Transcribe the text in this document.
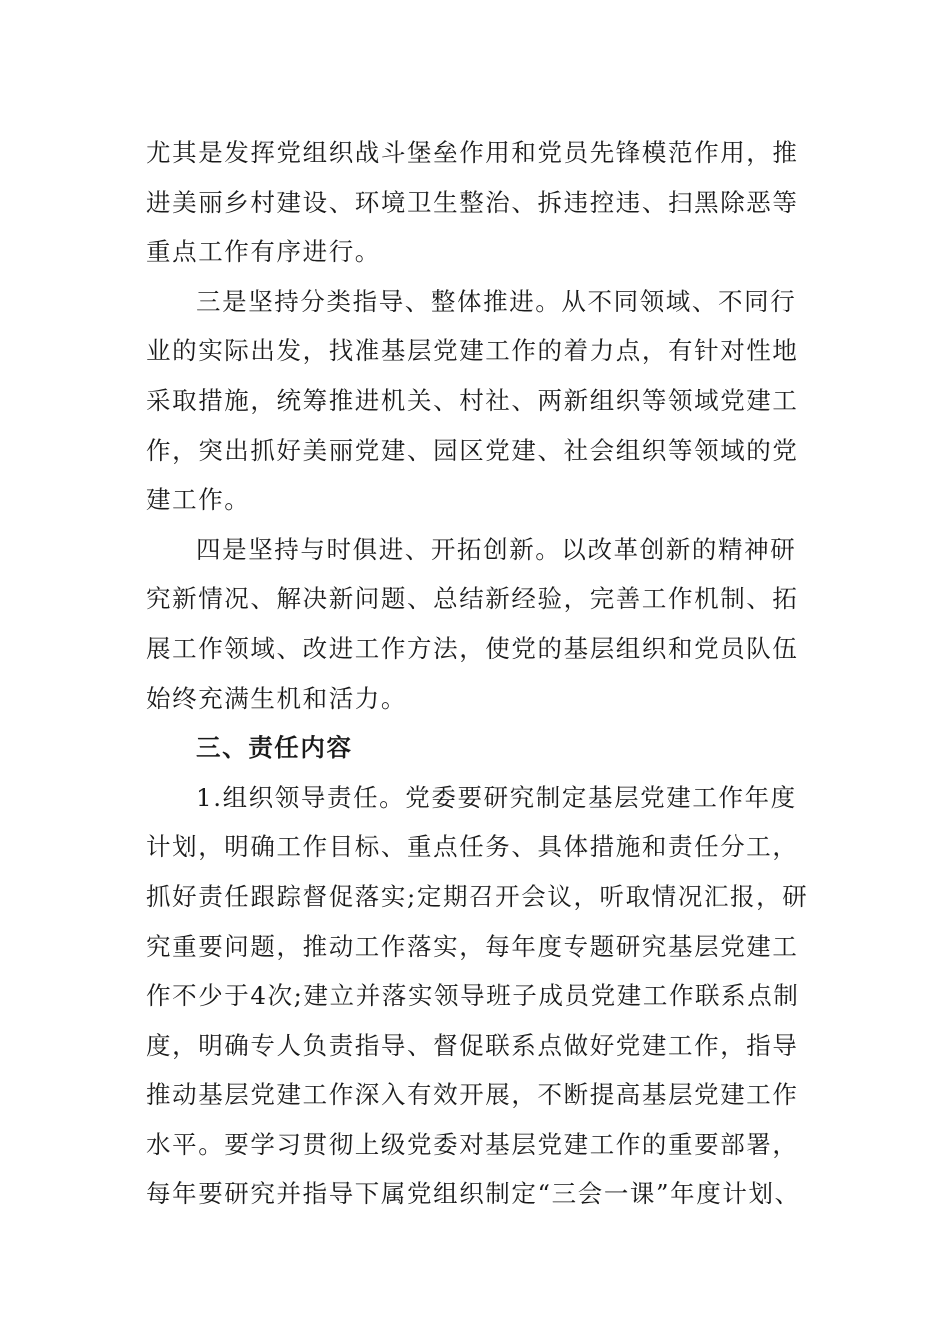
尤其是发挥党组织战斗堡垒作用和党员先锋模范作用，推
进美丽乡村建设、环境卫生整治、拆违控违、扫黑除恶等
重点工作有序进行。
三是坚持分类指导、整体推进。从不同领域、不同行
业的实际出发，找准基层党建工作的着力点，有针对性地
采取措施，统筹推进机关、村社、两新组织等领域党建工
作，突出抓好美丽党建、园区党建、社会组织等领域的党
建工作。
四是坚持与时俱进、开拓创新。以改革创新的精神研
究新情况、解决新问题、总结新经验，完善工作机制、拓
展工作领域、改进工作方法，使党的基层组织和党员队伍
始终充满生机和活力。
三、责任内容
1.组织领导责任。党委要研究制定基层党建工作年度
计划，明确工作目标、重点任务、具体措施和责任分工，
抓好责任跟踪督促落实;定期召开会议，听取情况汇报，研
究重要问题，推动工作落实，每年度专题研究基层党建工
作不少于4次;建立并落实领导班子成员党建工作联系点制
度，明确专人负责指导、督促联系点做好党建工作，指导
推动基层党建工作深入有效开展，不断提高基层党建工作
水平。要学习贯彻上级党委对基层党建工作的重要部署，
每年要研究并指导下属党组织制定“三会一课”年度计划、
